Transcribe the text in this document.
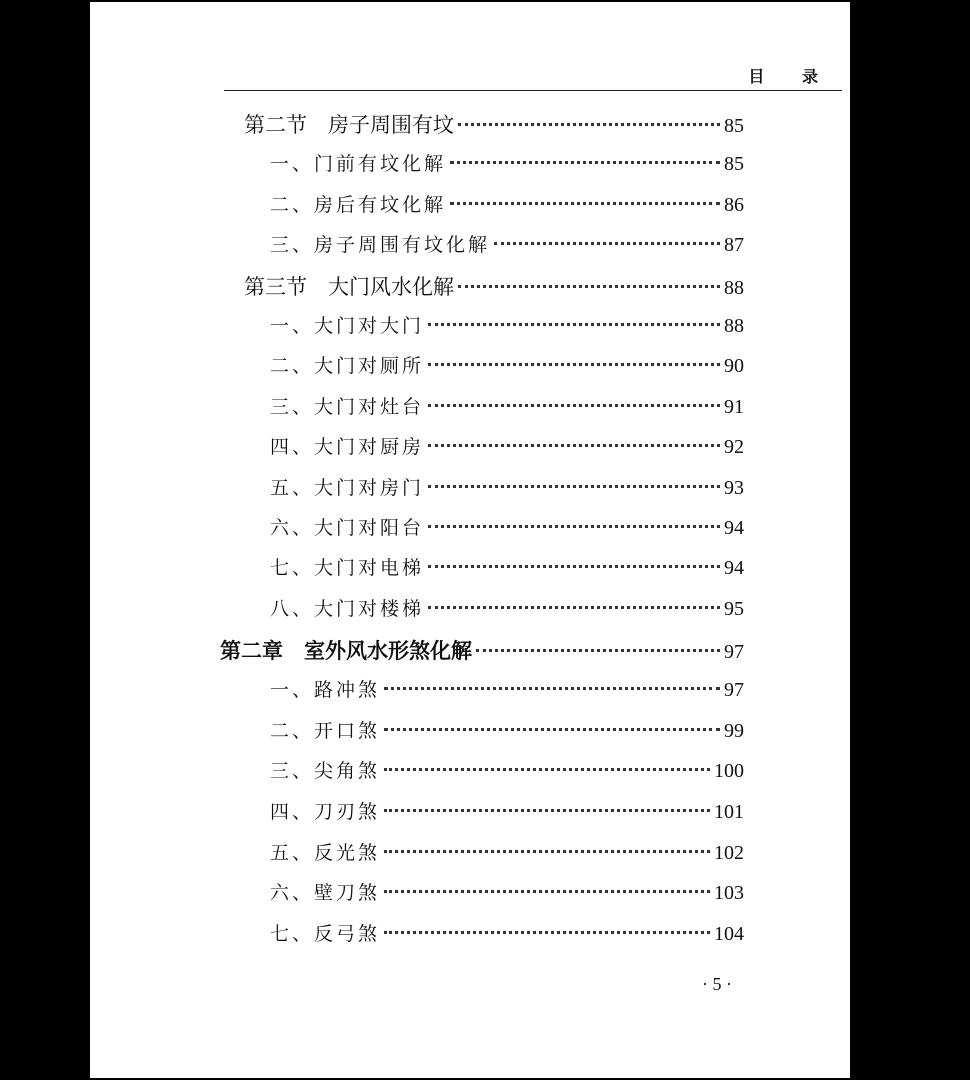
目 录
第二节　房子周围有坟	85
一、门前有坟化解	85
二、房后有坟化解	86
三、房子周围有坟化解	87
第三节　大门风水化解	88
一、大门对大门	88
二、大门对厕所	90
三、大门对灶台	91
四、大门对厨房	92
五、大门对房门	93
六、大门对阳台	94
七、大门对电梯	94
八、大门对楼梯	95
第二章　室外风水形煞化解	97
一、路冲煞	97
二、开口煞	99
三、尖角煞	100
四、刀刃煞	101
五、反光煞	102
六、壁刀煞	103
七、反弓煞	104
· 5 ·
